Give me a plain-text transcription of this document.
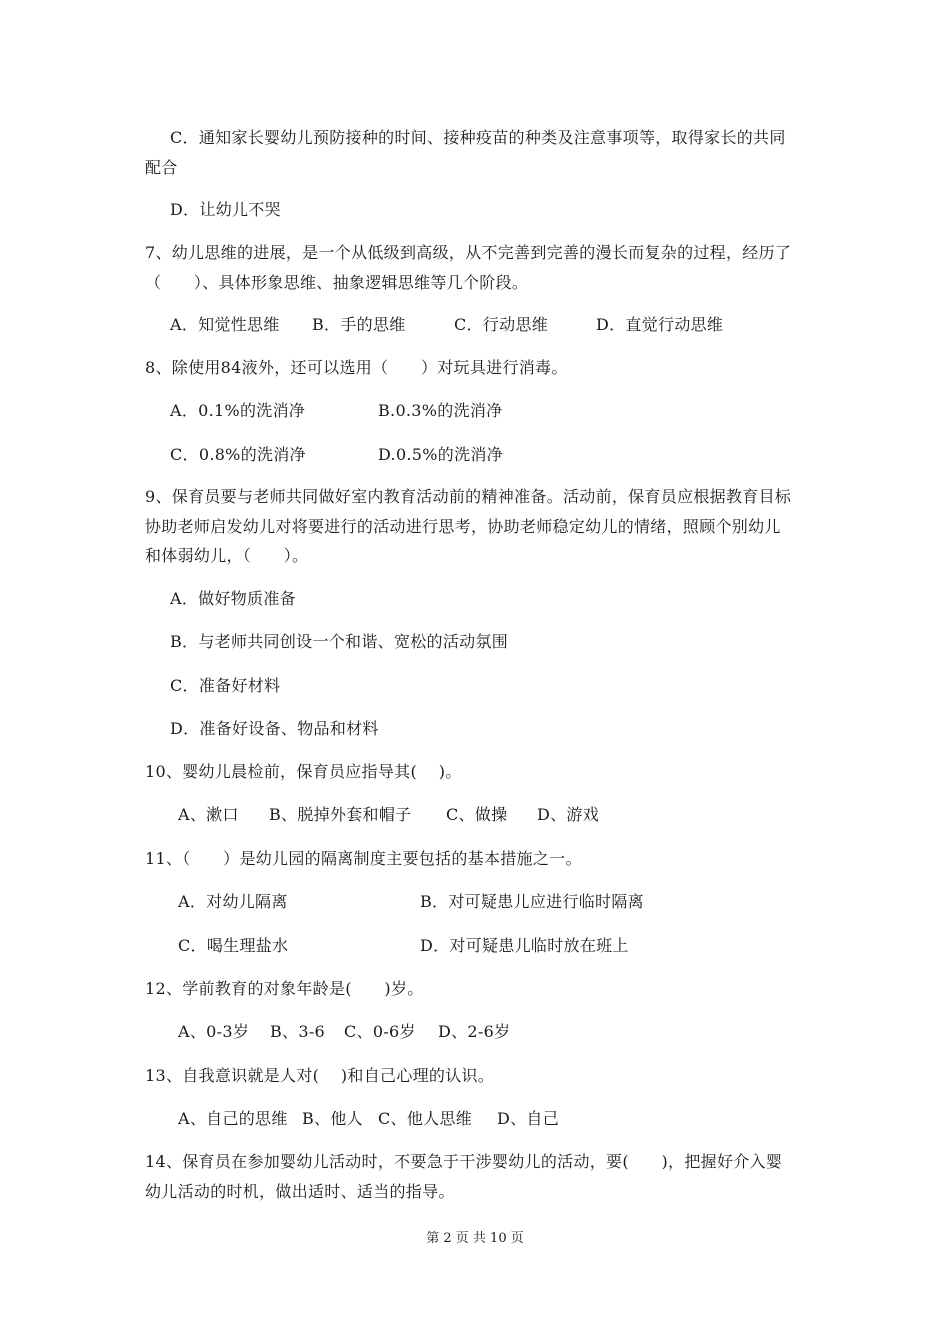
C．通知家长婴幼儿预防接种的时间、接种疫苗的种类及注意事项等，取得家长的共同
配合
D．让幼儿不哭
7、幼儿思维的进展，是一个从低级到高级，从不完善到完善的漫长而复杂的过程，经历了
（　　）、具体形象思维、抽象逻辑思维等几个阶段。
A．知觉性思维 B．手的思维	C．行动思维	D．直觉行动思维
8、除使用84液外，还可以选用（　　）对玩具进行消毒。
A．0.1%的洗消净	B.0.3%的洗消净
C．0.8%的洗消净	D.0.5%的洗消净
9、保育员要与老师共同做好室内教育活动前的精神准备。活动前，保育员应根据教育目标
协助老师启发幼儿对将要进行的活动进行思考，协助老师稳定幼儿的情绪，照顾个别幼儿
和体弱幼儿，（　　）。
A．做好物质准备
B．与老师共同创设一个和谐、宽松的活动氛围
C．准备好材料
D．准备好设备、物品和材料
10、婴幼儿晨检前，保育员应指导其(　 )。
A、漱口 B、脱掉外套和帽子 C、做操 D、游戏
11、（　　）是幼儿园的隔离制度主要包括的基本措施之一。
A．对幼儿隔离	B．对可疑患儿应进行临时隔离
C．喝生理盐水	D．对可疑患儿临时放在班上
12、学前教育的对象年龄是(　　)岁。
A、0-3岁 B、3-6 C、0-6岁 D、2-6岁
13、自我意识就是人对(　 )和自己心理的认识。
A、自己的思维 B、他人 C、他人思维 D、自己
14、保育员在参加婴幼儿活动时，不要急于干涉婴幼儿的活动，要(　　)，把握好介入婴
幼儿活动的时机，做出适时、适当的指导。
第 2 页 共 10 页
